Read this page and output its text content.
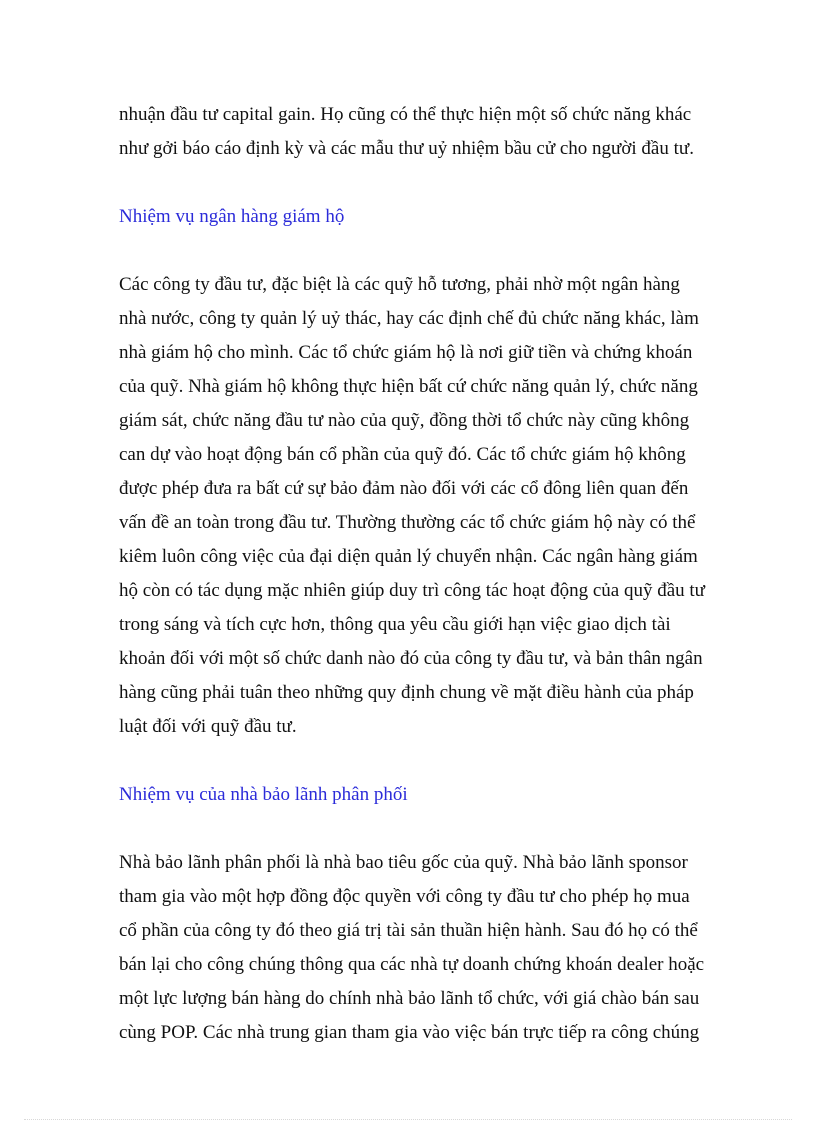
nhuận đầu tư capital gain. Họ cũng có thể thực hiện một số chức năng khác
như gởi báo cáo định kỳ và các mẫu thư uỷ nhiệm bầu cử cho người đầu tư.
Nhiệm vụ ngân hàng giám hộ
Các công ty đầu tư, đặc biệt là các quỹ hỗ tương, phải nhờ một ngân hàng
nhà nước, công ty quản lý uỷ thác, hay các định chế đủ chức năng khác, làm
nhà giám hộ cho mình. Các tổ chức giám hộ là nơi giữ tiền và chứng khoán
của quỹ. Nhà giám hộ không thực hiện bất cứ chức năng quản lý, chức năng
giám sát, chức năng đầu tư nào của quỹ, đồng thời tổ chức này cũng không
can dự vào hoạt động bán cổ phần của quỹ đó. Các tổ chức giám hộ không
được phép đưa ra bất cứ sự bảo đảm nào đối với các cổ đông liên quan đến
vấn đề an toàn trong đầu tư. Thường thường các tổ chức giám hộ này có thể
kiêm luôn công việc của đại diện quản lý chuyển nhận. Các ngân hàng giám
hộ còn có tác dụng mặc nhiên giúp duy trì công tác hoạt động của quỹ đầu tư
trong sáng và tích cực hơn, thông qua yêu cầu giới hạn việc giao dịch tài
khoản đối với một số chức danh nào đó của công ty đầu tư, và bản thân ngân
hàng cũng phải tuân theo những quy định chung về mặt điều hành của pháp
luật đối với quỹ đầu tư.
Nhiệm vụ của nhà bảo lãnh phân phối
Nhà bảo lãnh phân phối là nhà bao tiêu gốc của quỹ. Nhà bảo lãnh sponsor
tham gia vào một hợp đồng độc quyền với công ty đầu tư cho phép họ mua
cổ phần của công ty đó theo giá trị tài sản thuần hiện hành. Sau đó họ có thể
bán lại cho công chúng thông qua các nhà tự doanh chứng khoán dealer hoặc
một lực lượng bán hàng do chính nhà bảo lãnh tổ chức, với giá chào bán sau
cùng POP. Các nhà trung gian tham gia vào việc bán trực tiếp ra công chúng
